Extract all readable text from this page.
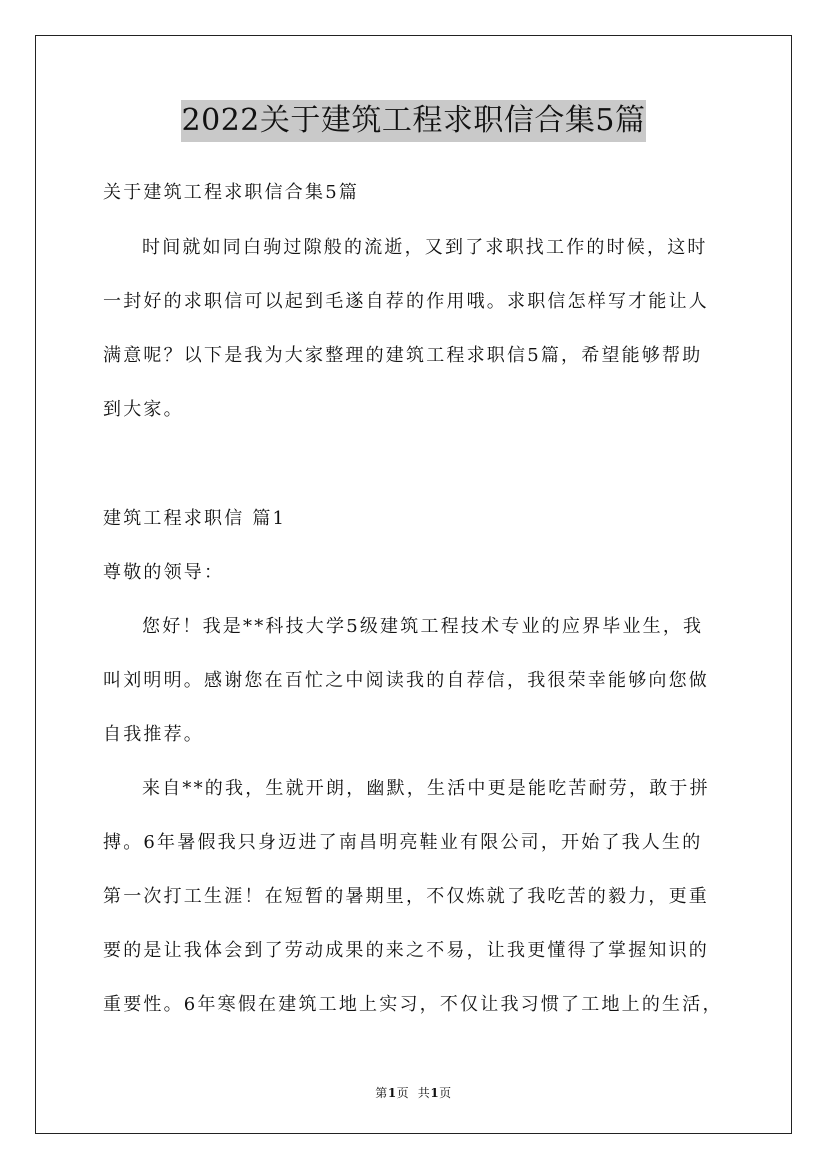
2022关于建筑工程求职信合集5篇
关于建筑工程求职信合集5篇
时间就如同白驹过隙般的流逝，又到了求职找工作的时候，这时
一封好的求职信可以起到毛遂自荐的作用哦。求职信怎样写才能让人
满意呢？以下是我为大家整理的建筑工程求职信5篇，希望能够帮助
到大家。
建筑工程求职信 篇1
尊敬的领导：
您好！我是**科技大学5级建筑工程技术专业的应界毕业生，我
叫刘明明。感谢您在百忙之中阅读我的自荐信，我很荣幸能够向您做
自我推荐。
来自**的我，生就开朗，幽默，生活中更是能吃苦耐劳，敢于拼
搏。6年暑假我只身迈进了南昌明亮鞋业有限公司，开始了我人生的
第一次打工生涯！在短暂的暑期里，不仅炼就了我吃苦的毅力，更重
要的是让我体会到了劳动成果的来之不易，让我更懂得了掌握知识的
重要性。6年寒假在建筑工地上实习，不仅让我习惯了工地上的生活，
第1页  共1页
